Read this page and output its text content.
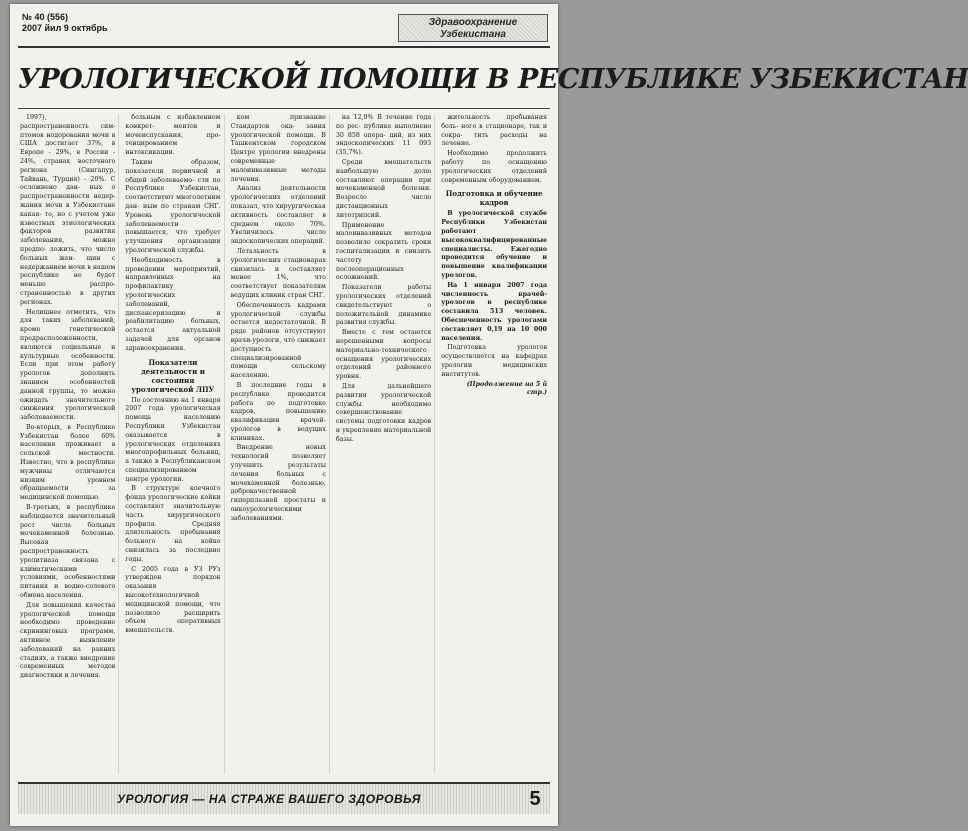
№ 40 (556)
2007 йил 9 октябрь	Здравоохранение
Узбекистана
УРОЛОГИЧЕСКОЙ ПОМОЩИ В РЕСПУБЛИКЕ УЗБЕКИСТАН

1997), распространенность сим- птомов нодорования мочи в США достигает 37%, в Европе - 29%, в России - 24%, странах восточного региона (Сингапур, Тайвань, Турция) - 20%. С осложнено дан- ных о распространенности недер- жания мочи в Узбекистане какая- то, но с учетом уже известных этиологических факторов развития заболевания, можно предпо- ложить, что число больных жен- щин с недержанием мочи в нашем республике не будет меньше распро- страненностью в других регионах.

Нелишнее отметить, что для таких заболеваний, кроме генетической предрасположенности, являются социальные и культурные особенности. Если при этом работу урологов дополнить знанием особенностей данной группы, то можно ожидать значительного снижения урологической заболеваемости.

Во-вторых, в Республике Узбекистан более 60% населения проживает в сельской местности. Известно, что в республике мужчины отличаются низким уровнем обращаемости за медицинской помощью.

В-третьих, в республике наблюдается значительный рост числа больных мочекаменной болезнью. Высокая распространенность уролитиаза связана с климатическими условиями, особенностями питания и водно-солевого обмена населения.

Для повышения качества урологической помощи необходимо проведение скрининговых программ, активное выявление заболеваний на ранних стадиях, а также внедрение современных методов диагностики и лечения.

больным с избавлением конкрет- ментов и мочеиспускания, про- тенцированием интоксикации.

Таким образом, показатели первичной и общей заболеваемо- сти по Республике Узбекистан, соответствуют многолетним дан- ным по странам СНГ. Уровень урологической заболеваемости повышается, что требует улучшения организации урологической службы.

Необходимость в проведении мероприятий, направленных на профилактику урологических заболеваний, диспансеризацию и реабилитацию больных, остается актуальной задачей для органов здравоохранения.

Показатели деятельности и состояния урологической ЛПУ

По состоянию на 1 января 2007 года урологическая помощь населению Республики Узбекистан оказывается в урологических отделениях многопрофильных больниц, а также в Республиканском специализированном центре урологии.

В структуре коечного фонда урологические койки составляют значительную часть хирургического профиля. Средняя длительность пребывания больного на койке снизилась за последние годы.

С 2005 года в УЗ РУз утвержден порядок оказания высокотехнологичной медицинской помощи, что позволило расширить объем оперативных вмешательств.

ком признание Стандартов ока- зания урологической помощи. В Ташкентском городском Центре урологии внедрены современные малоинвазивные методы лечения.

Анализ деятельности урологических отделений показал, что хирургическая активность составляет в среднем около 70%. Увеличилось число эндоскопических операций.

Летальность в урологических стационарах снизилась и составляет менее 1%, что соответствует показателям ведущих клиник стран СНГ.

Обеспеченность кадрами урологической службы остается недостаточной. В ряде районов отсутствуют врачи-урологи, что снижает доступность специализированной помощи сельскому населению.

В последние годы в республике проводится работа по подготовке кадров, повышению квалификации врачей-урологов в ведущих клиниках.

Внедрение новых технологий позволяет улучшить результаты лечения больных с мочекаменной болезнью, доброкачественной гиперплазией простаты и онкоурологическими заболеваниями.

на 12,9% В течение года по рес- публике выполнено 30 858 опера- ций, из них эндоскопических 11 093 (35,7%).

Среди вмешательств наибольшую долю составляют операции при мочекаменной болезни. Возросло число дистанционных литотрипсий.

Применение малоинвазивных методов позволило сократить сроки госпитализации и снизить частоту послеоперационных осложнений.

Показатели работы урологических отделений свидетельствуют о положительной динамике развития службы.

Вместе с тем остаются нерешенными вопросы материально-технического оснащения урологических отделений районного уровня.

Для дальнейшего развития урологической службы необходимо совершенствование системы подготовки кадров и укрепление материальной базы.

жительность пребывания боль- ного в стационаре, так и сокра- тить расходы на лечение.

Необходимо продолжить работу по оснащению урологических отделений современным оборудованием.

Подготовка и обучение кадров

В урологической службе Республики Узбекистан работают высококвалифицированные специалисты. Ежегодно проводится обучение и повышение квалификации урологов.

На 1 января 2007 года численность врачей-урологов в республике составила 513 человек. Обеспеченность урологами составляет 0,19 на 10 000 населения.

Подготовка урологов осуществляется на кафедрах урологии медицинских институтов.

(Продолжение на 5 й стр.)

УРОЛОГИЯ — НА СТРАЖЕ ВАШЕГО ЗДОРОВЬЯ	5
